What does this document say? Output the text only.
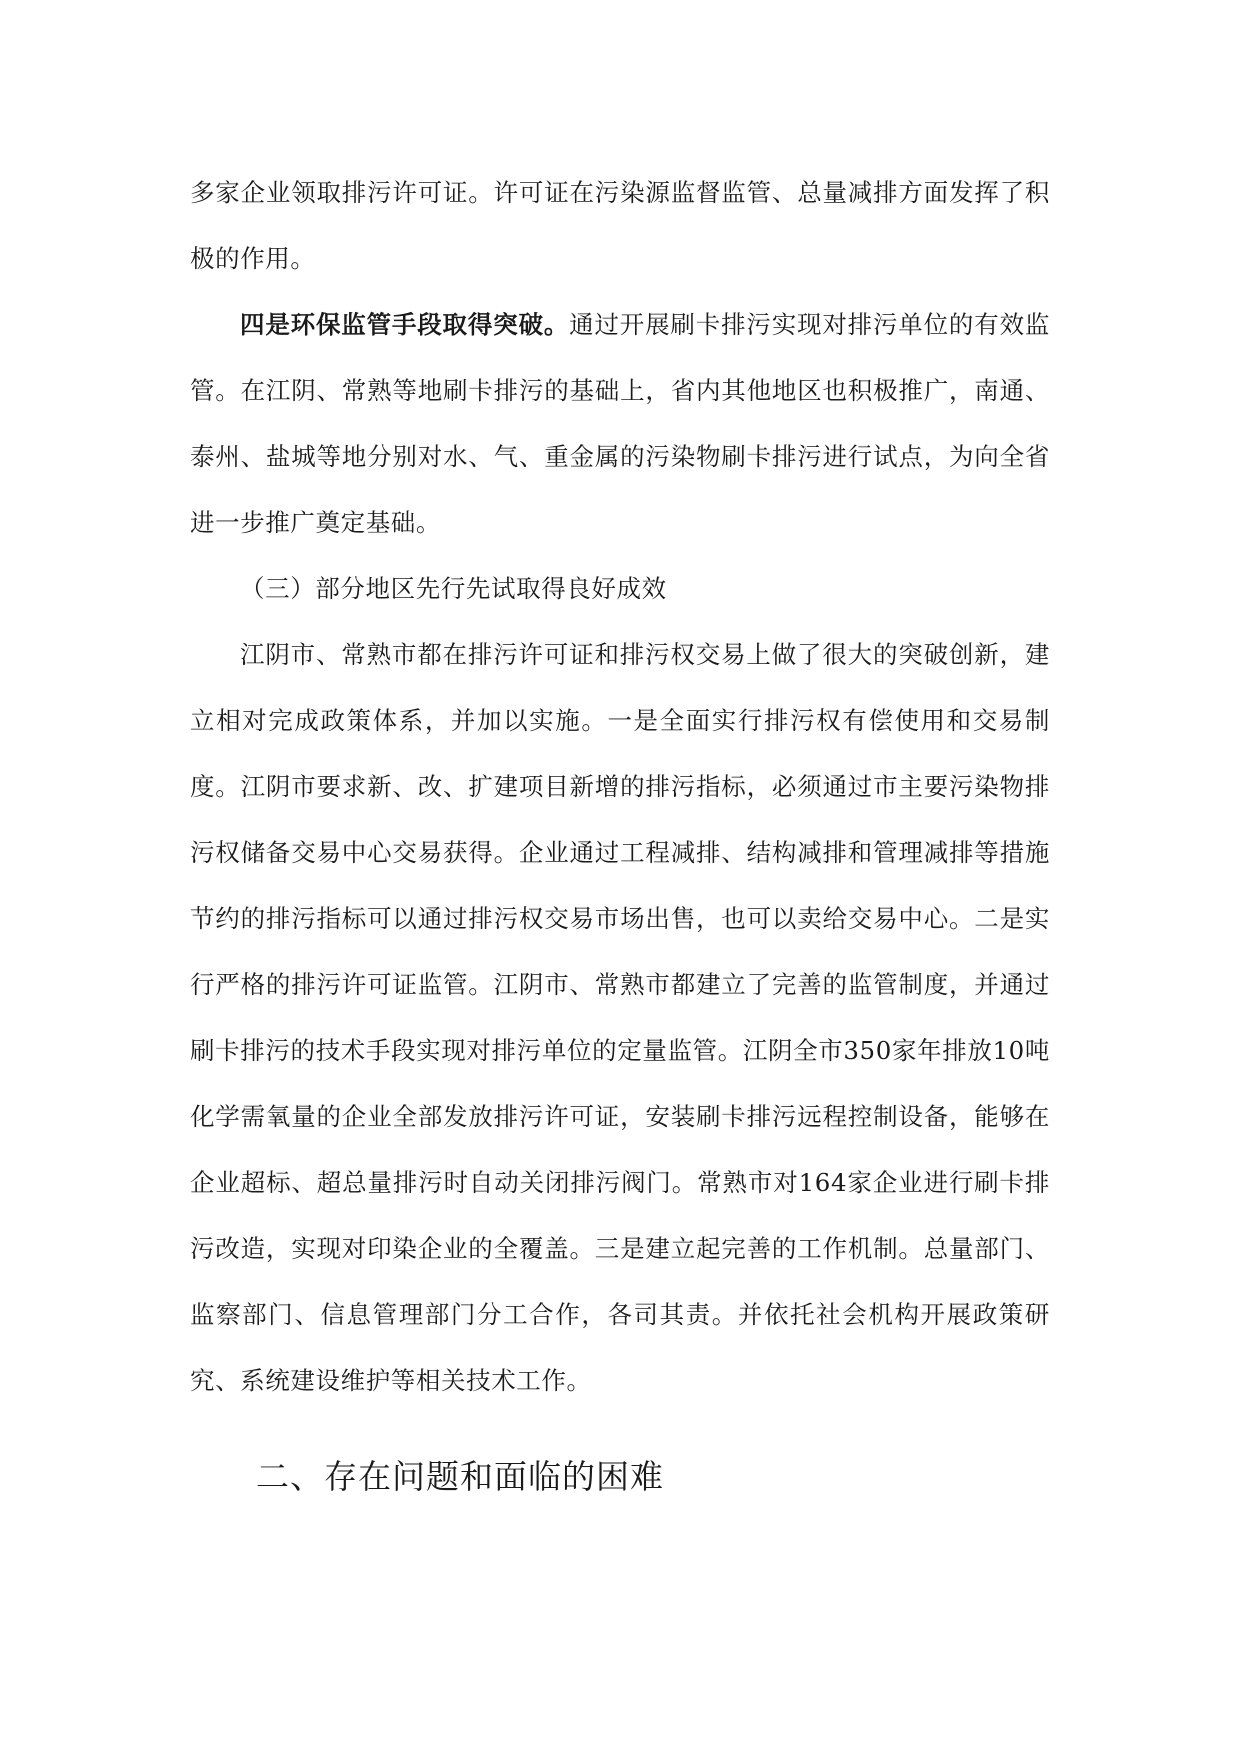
多家企业领取排污许可证。许可证在污染源监督监管、总量减排方面发挥了积极的作用。

四是环保监管手段取得突破。通过开展刷卡排污实现对排污单位的有效监管。在江阴、常熟等地刷卡排污的基础上，省内其他地区也积极推广，南通、泰州、盐城等地分别对水、气、重金属的污染物刷卡排污进行试点，为向全省进一步推广奠定基础。

（三）部分地区先行先试取得良好成效

江阴市、常熟市都在排污许可证和排污权交易上做了很大的突破创新，建立相对完成政策体系，并加以实施。一是全面实行排污权有偿使用和交易制度。江阴市要求新、改、扩建项目新增的排污指标，必须通过市主要污染物排污权储备交易中心交易获得。企业通过工程减排、结构减排和管理减排等措施节约的排污指标可以通过排污权交易市场出售，也可以卖给交易中心。二是实行严格的排污许可证监管。江阴市、常熟市都建立了完善的监管制度，并通过刷卡排污的技术手段实现对排污单位的定量监管。江阴全市350家年排放10吨化学需氧量的企业全部发放排污许可证，安装刷卡排污远程控制设备，能够在企业超标、超总量排污时自动关闭排污阀门。常熟市对164家企业进行刷卡排污改造，实现对印染企业的全覆盖。三是建立起完善的工作机制。总量部门、监察部门、信息管理部门分工合作，各司其责。并依托社会机构开展政策研究、系统建设维护等相关技术工作。

二、存在问题和面临的困难
